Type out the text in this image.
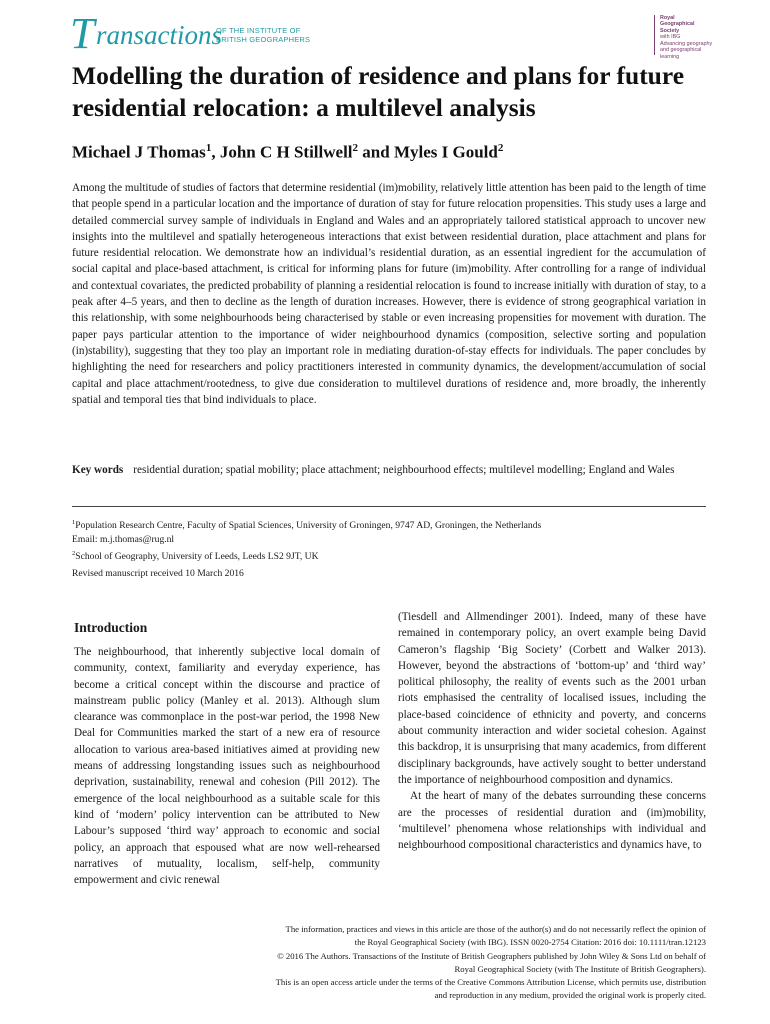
T ransactions
OF THE INSTITUTE OF
BRITISH GEOGRAPHERS
Royal
Geographical
Society
with IBG
Advancing geography
and geographical learning
Modelling the duration of residence and plans for future residential relocation: a multilevel analysis
Michael J Thomas$^1$, John C H Stillwell$^2$ and Myles I Gould$^2$
Among the multitude of studies of factors that determine residential (im)mobility, relatively little attention has been paid to the length of time that people spend in a particular location and the importance of duration of stay for future relocation propensities. This study uses a large and detailed commercial survey sample of individuals in England and Wales and an appropriately tailored statistical approach to uncover new insights into the multilevel and spatially heterogeneous interactions that exist between residential duration, place attachment and plans for future residential relocation. We demonstrate how an individual’s residential duration, as an essential ingredient for the accumulation of social capital and place-based attachment, is critical for informing plans for future (im)mobility. After controlling for a range of individual and contextual covariates, the predicted probability of planning a residential relocation is found to increase initially with duration of stay, to a peak after 4–5 years, and then to decline as the length of duration increases. However, there is evidence of strong geographical variation in this relationship, with some neighbourhoods being characterised by stable or even increasing propensities for movement with duration. The paper pays particular attention to the importance of wider neighbourhood dynamics (composition, selective sorting and population (in)stability), suggesting that they too play an important role in mediating duration-of-stay effects for individuals. The paper concludes by highlighting the need for researchers and policy practitioners interested in community dynamics, the development/accumulation of social capital and place attachment/rootedness, to give due consideration to multilevel durations of residence and, more broadly, the inherently spatial and temporal ties that bind individuals to place.
Key words residential duration; spatial mobility; place attachment; neighbourhood effects; multilevel modelling; England and Wales
$^1$Population Research Centre, Faculty of Spatial Sciences, University of Groningen, 9747 AD, Groningen, the Netherlands
Email: m.j.thomas@rug.nl
$^2$School of Geography, University of Leeds, Leeds LS2 9JT, UK
Revised manuscript received 10 March 2016
Introduction

The neighbourhood, that inherently subjective local domain of community, context, familiarity and everyday experience, has become a critical concept within the discourse and practice of mainstream public policy (Manley et al. 2013). Although slum clearance was commonplace in the post-war period, the 1998 New Deal for Communities marked the start of a new era of resource allocation to various area-based initiatives aimed at providing new means of addressing longstanding issues such as neighbourhood deprivation, sustainability, renewal and cohesion (Pill 2012). The emergence of the local neighbourhood as a suitable scale for this kind of ‘modern’ policy intervention can be attributed to New Labour’s supposed ‘third way’ approach to economic and social policy, an approach that espoused what are now well-rehearsed narratives of mutuality, localism, self-help, community empowerment and civic renewal

(Tiesdell and Allmendinger 2001). Indeed, many of these have remained in contemporary policy, an overt example being David Cameron’s flagship ‘Big Society’ (Corbett and Walker 2013). However, beyond the abstractions of ‘bottom-up’ and ‘third way’ political philosophy, the reality of events such as the 2001 urban riots emphasised the centrality of localised issues, including the place-based coincidence of ethnicity and poverty, and concerns about community interaction and wider societal cohesion. Against this backdrop, it is unsurprising that many academics, from different disciplinary backgrounds, have actively sought to better understand the importance of neighbourhood composition and dynamics.

At the heart of many of the debates surrounding these concerns are the processes of residential duration and (im)mobility, ‘multilevel’ phenomena whose relationships with individual and neighbourhood compositional characteristics and dynamics have, to

The information, practices and views in this article are those of the author(s) and do not necessarily reflect the opinion of
the Royal Geographical Society (with IBG). ISSN 0020-2754 Citation: 2016 doi: 10.1111/tran.12123
© 2016 The Authors. Transactions of the Institute of British Geographers published by John Wiley & Sons Ltd on behalf of
Royal Geographical Society (with The Institute of British Geographers).
This is an open access article under the terms of the Creative Commons Attribution License, which permits use, distribution
and reproduction in any medium, provided the original work is properly cited.
